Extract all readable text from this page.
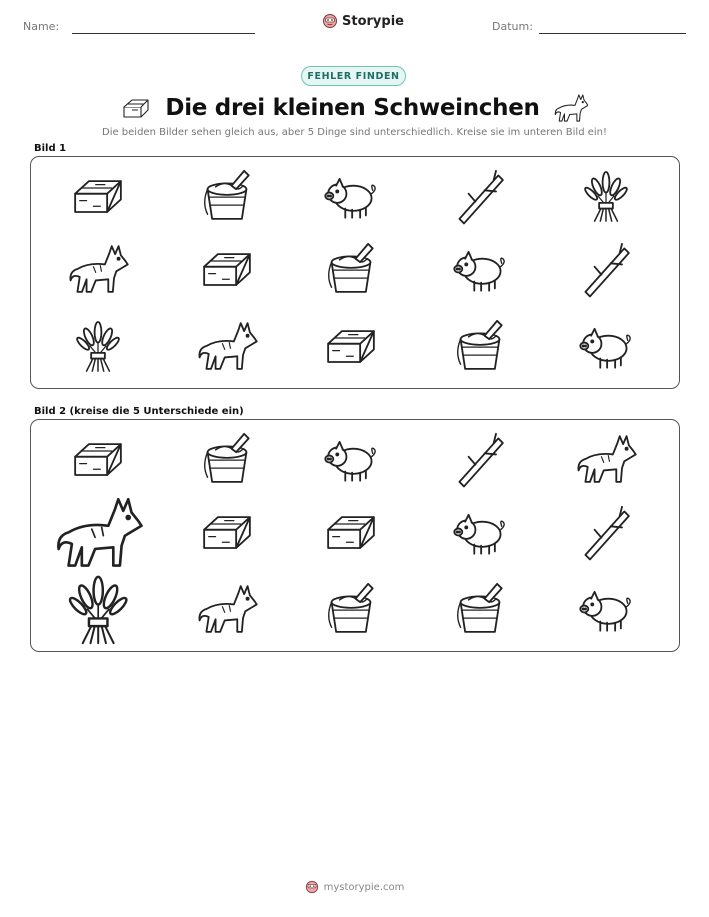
Name:	Storypie	Datum:
FEHLER FINDEN
Die drei kleinen Schweinchen
Die beiden Bilder sehen gleich aus, aber 5 Dinge sind unterschiedlich. Kreise sie im unteren Bild ein!
Bild 1
Bild 2 (kreise die 5 Unterschiede ein)
mystorypie.com
